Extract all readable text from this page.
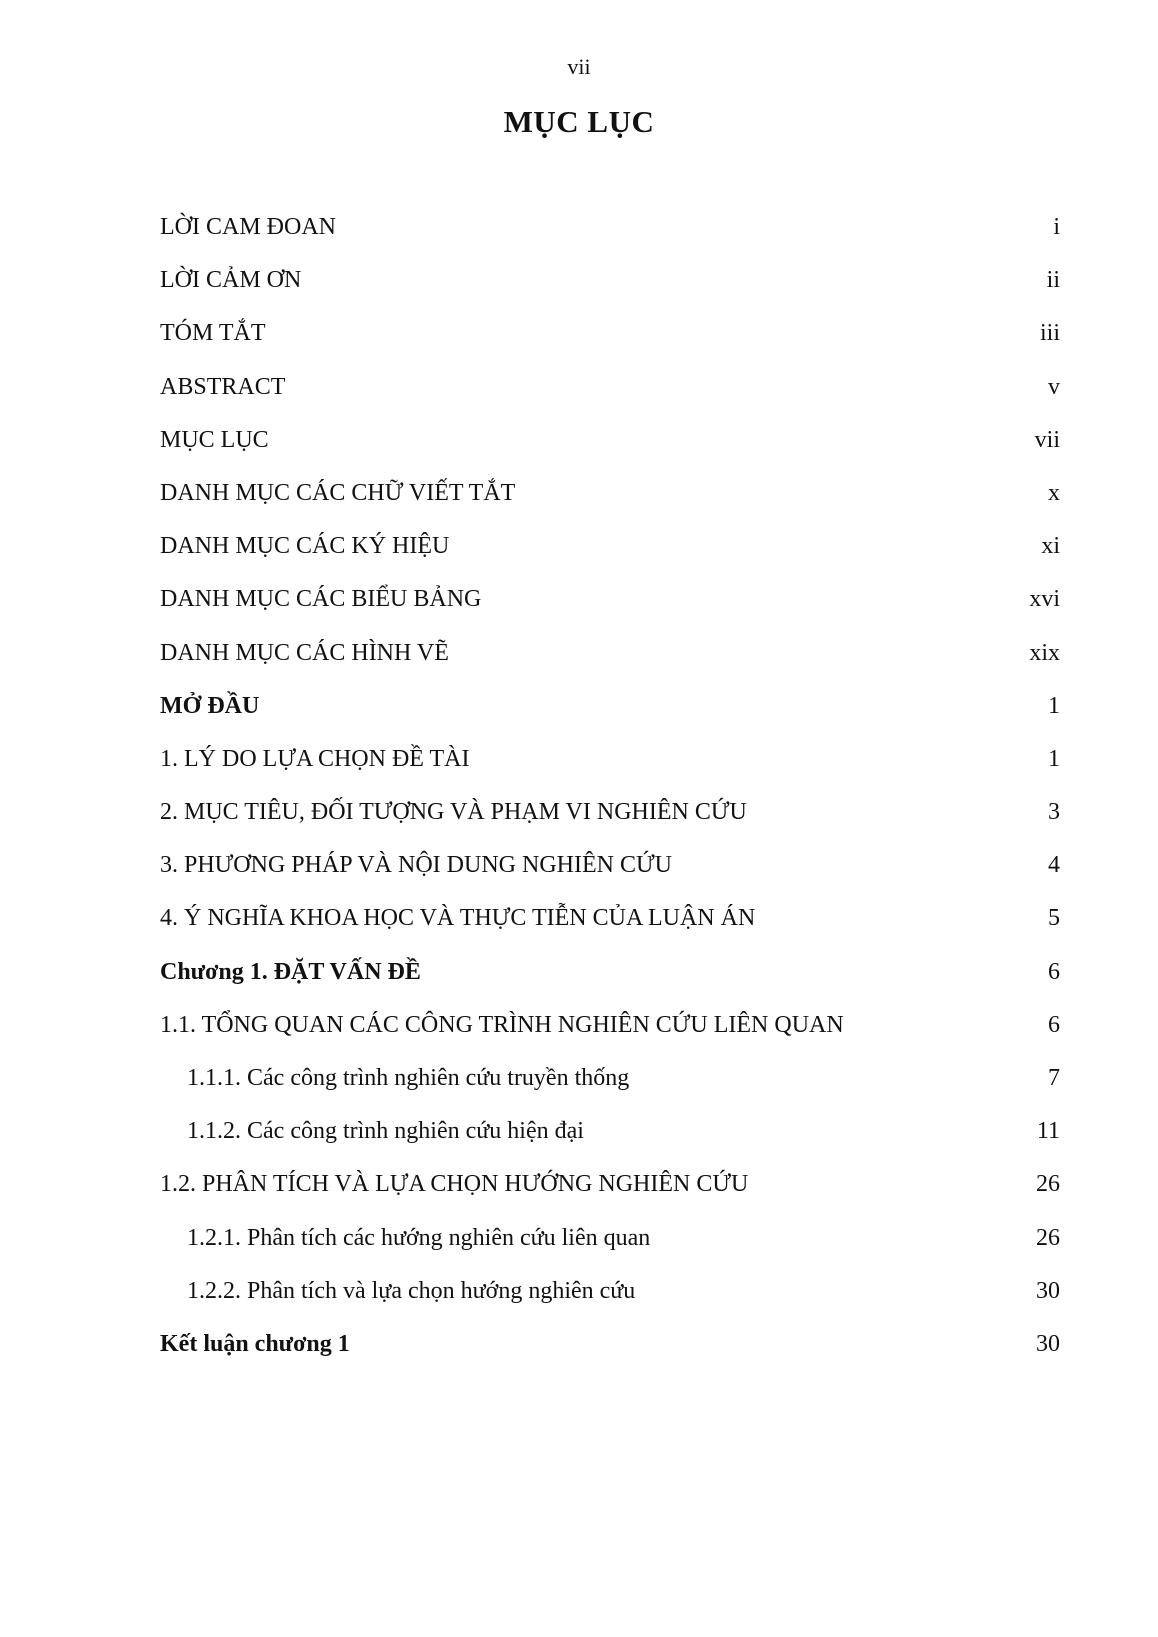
vii
MỤC LỤC
LỜI CAM ĐOAN	i
LỜI CẢM ƠN	ii
TÓM TẮT	iii
ABSTRACT	v
MỤC LỤC	vii
DANH MỤC CÁC CHỮ VIẾT TẮT	x
DANH MỤC CÁC KÝ HIỆU	xi
DANH MỤC CÁC BIỂU BẢNG	xvi
DANH MỤC CÁC HÌNH VẼ	xix
MỞ ĐẦU	1
1. LÝ DO LỰA CHỌN ĐỀ TÀI	1
2. MỤC TIÊU, ĐỐI TƯỢNG VÀ PHẠM VI NGHIÊN CỨU	3
3. PHƯƠNG PHÁP VÀ NỘI DUNG NGHIÊN CỨU	4
4. Ý NGHĨA KHOA HỌC VÀ THỰC TIỄN CỦA LUẬN ÁN	5
Chương 1. ĐẶT VẤN ĐỀ	6
1.1. TỔNG QUAN CÁC CÔNG TRÌNH NGHIÊN CỨU LIÊN QUAN	6
1.1.1. Các công trình nghiên cứu truyền thống	7
1.1.2. Các công trình nghiên cứu hiện đại	11
1.2. PHÂN TÍCH VÀ LỰA CHỌN HƯỚNG NGHIÊN CỨU	26
1.2.1. Phân tích các hướng nghiên cứu liên quan	26
1.2.2. Phân tích và lựa chọn hướng nghiên cứu	30
Kết luận chương 1	30
